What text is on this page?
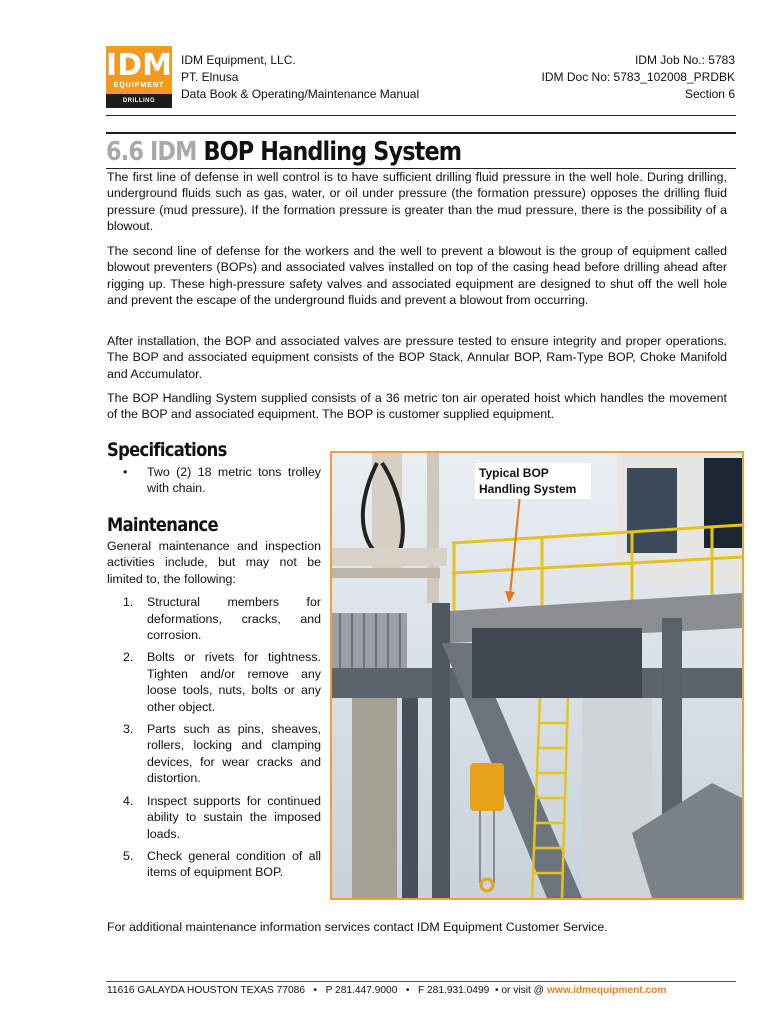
IDM
EQUIPMENT
DRILLING
IDM Equipment, LLC.
PT. Elnusa
Data Book & Operating/Maintenance Manual
IDM Job No.: 5783
IDM Doc No: 5783_102008_PRDBK
Section 6
6.6 IDM BOP Handling System
The first line of defense in well control is to have sufficient drilling fluid pressure in the well hole. During drilling, underground fluids such as gas, water, or oil under pressure (the formation pressure) opposes the drilling fluid pressure (mud pressure). If the formation pressure is greater than the mud pressure, there is the possibility of a blowout.
The second line of defense for the workers and the well to prevent a blowout is the group of equipment called blowout preventers (BOPs) and associated valves installed on top of the casing head before drilling ahead after rigging up. These high-pressure safety valves and associated equipment are designed to shut off the well hole and prevent the escape of the underground fluids and prevent a blowout from occurring.
After installation, the BOP and associated valves are pressure tested to ensure integrity and proper operations. The BOP and associated equipment consists of the BOP Stack, Annular BOP, Ram-Type BOP, Choke Manifold and Accumulator.
The BOP Handling System supplied consists of a 36 metric ton air operated hoist which handles the movement of the BOP and associated equipment. The BOP is customer supplied equipment.
Specifications
• Two (2) 18 metric tons trolley with chain.
Maintenance

General maintenance and inspection activities include, but may not be limited to, the following:

1. Structural members for deformations, cracks, and corrosion.
2. Bolts or rivets for tightness. Tighten and/or remove any loose tools, nuts, bolts or any other object.
3. Parts such as pins, sheaves, rollers, locking and clamping devices, for wear cracks and distortion.
4. Inspect supports for continued ability to sustain the imposed loads.
5. Check general condition of all items of equipment BOP.
Typical BOP Handling System
For additional maintenance information services contact IDM Equipment Customer Service.
11616 GALAYDA HOUSTON TEXAS 77086 • P 281.447.9000 • F 281.931.0499 • or visit @ www.idmequipment.com
